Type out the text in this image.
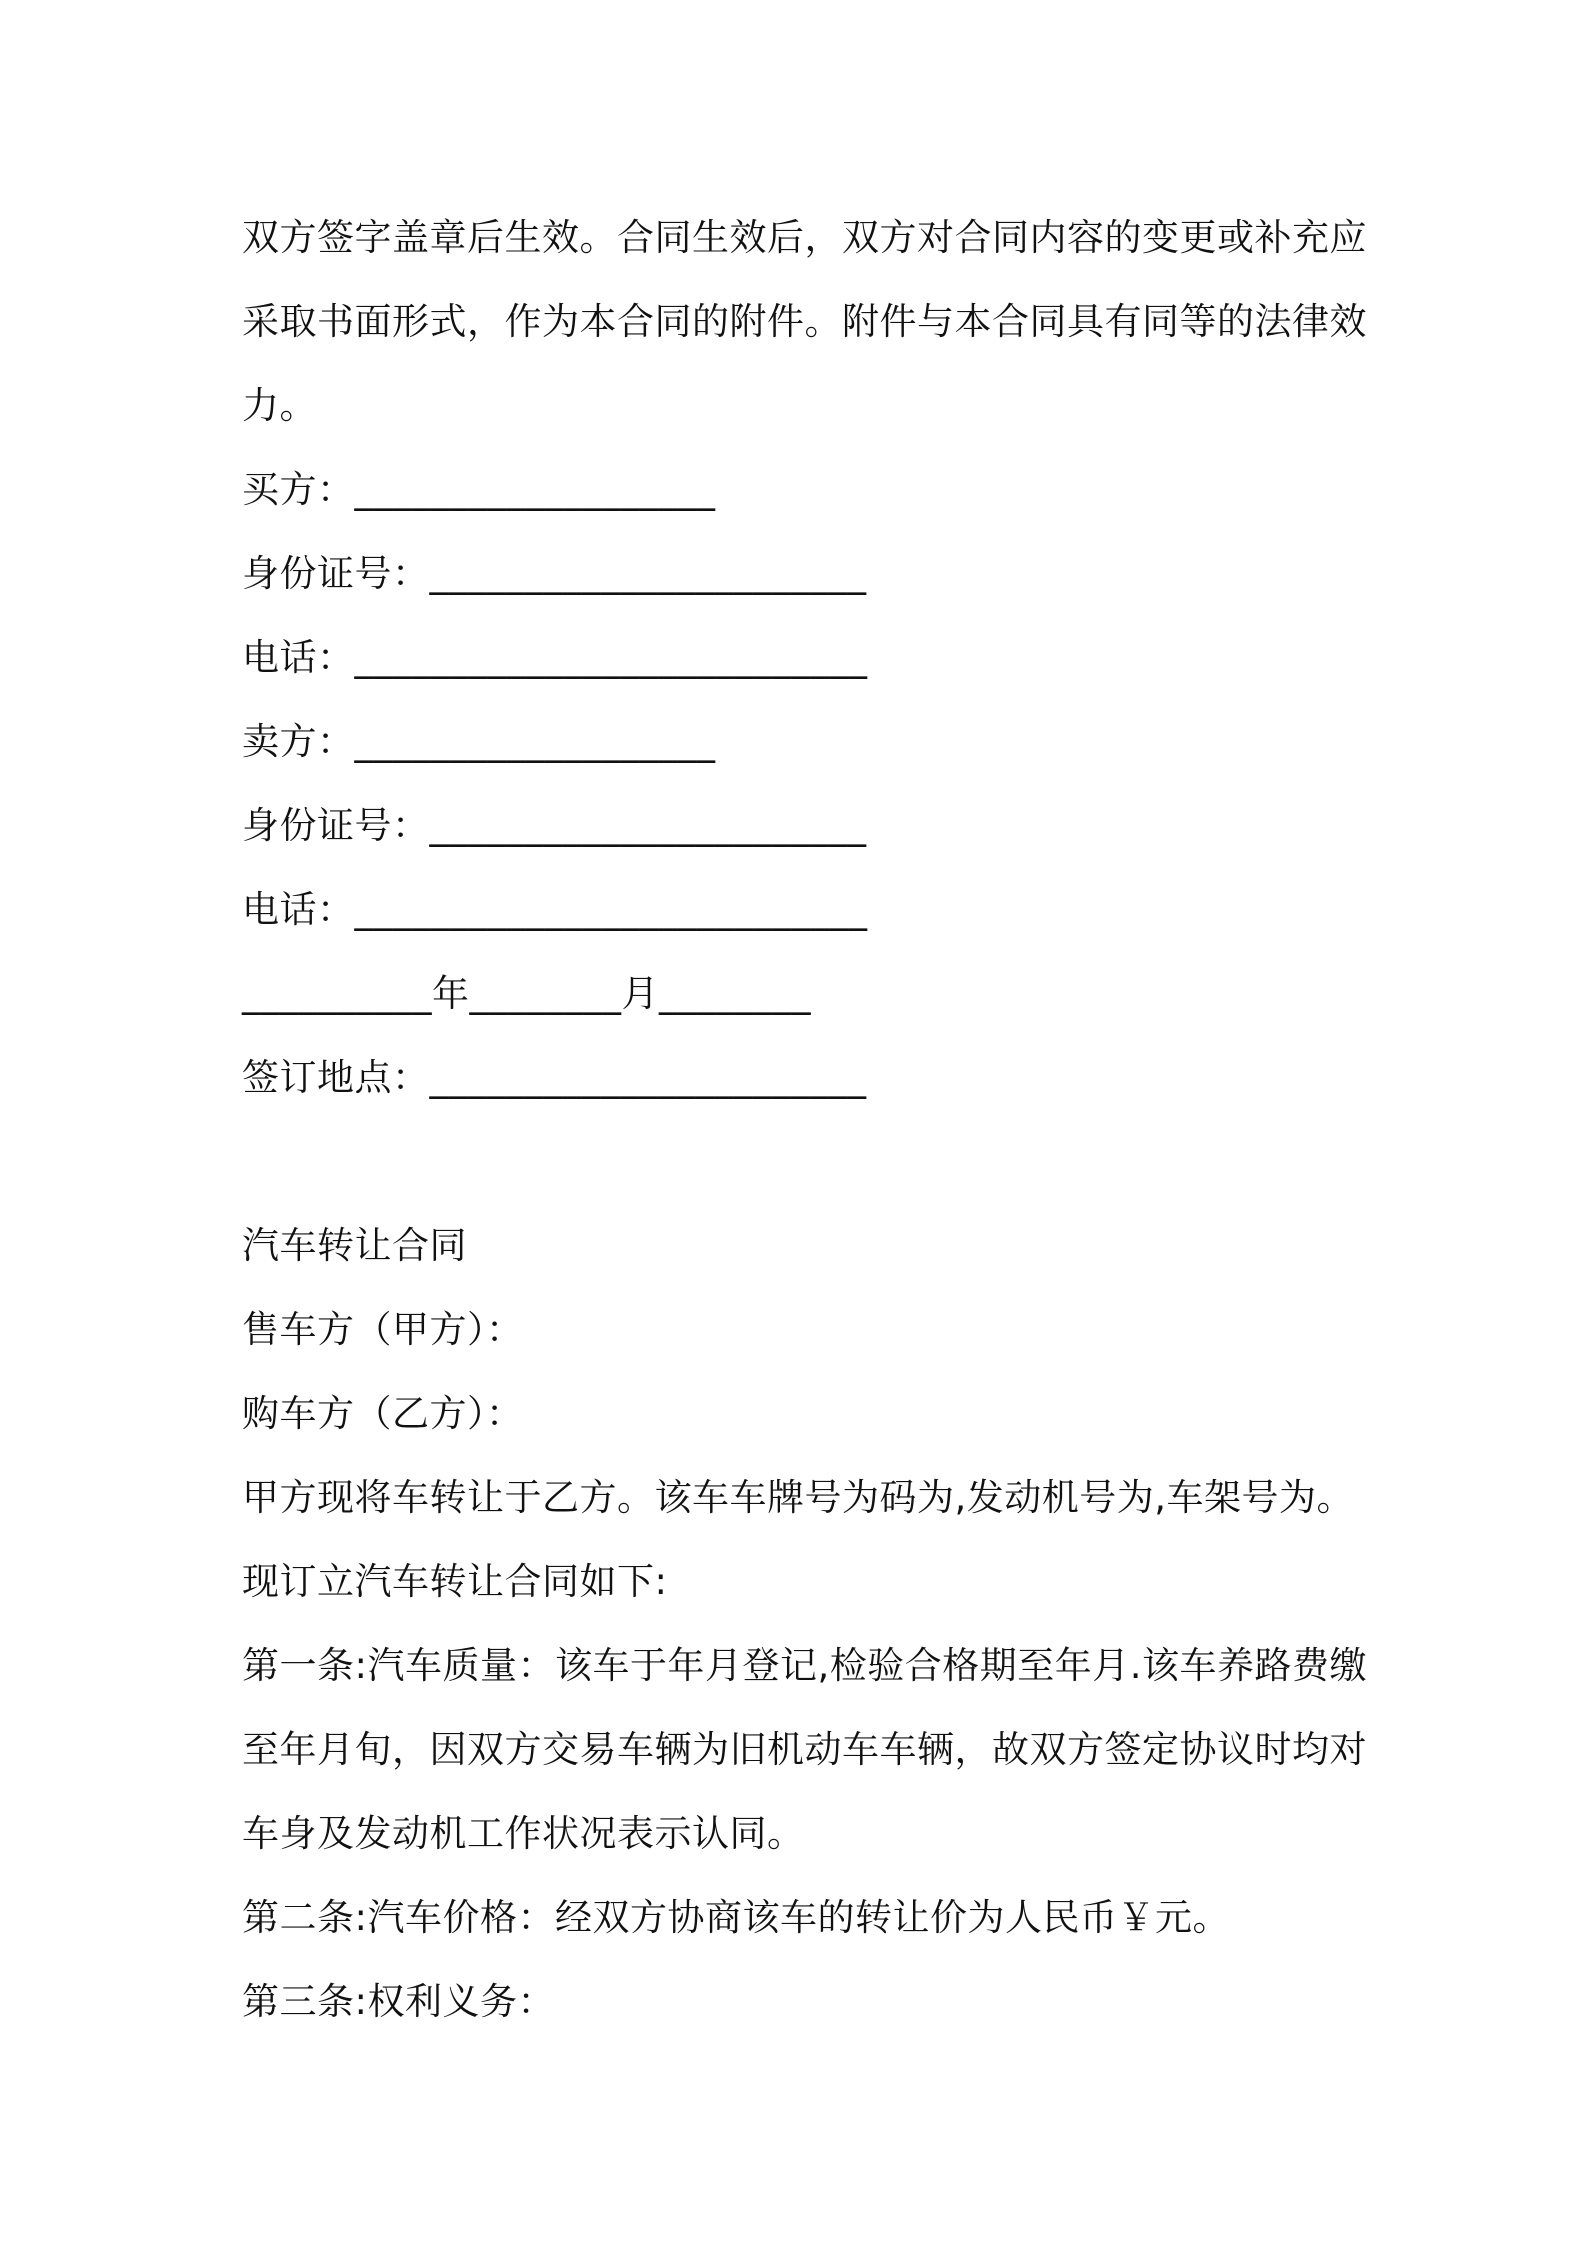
双方签字盖章后生效。合同生效后，双方对合同内容的变更或补充应
采取书面形式，作为本合同的附件。附件与本合同具有同等的法律效
力。
买方：___________________
身份证号：_______________________
电话：___________________________
卖方：___________________
身份证号：_______________________
电话：___________________________
__________年________月________
签订地点：_______________________
汽车转让合同
售车方（甲方）：
购车方（乙方）：
甲方现将车转让于乙方。该车车牌号为码为,发动机号为,车架号为。
现订立汽车转让合同如下:
第一条:汽车质量：该车于年月登记,检验合格期至年月.该车养路费缴
至年月旬，因双方交易车辆为旧机动车车辆，故双方签定协议时均对
车身及发动机工作状况表示认同。
第二条:汽车价格：经双方协商该车的转让价为人民币￥元。
第三条:权利义务：
